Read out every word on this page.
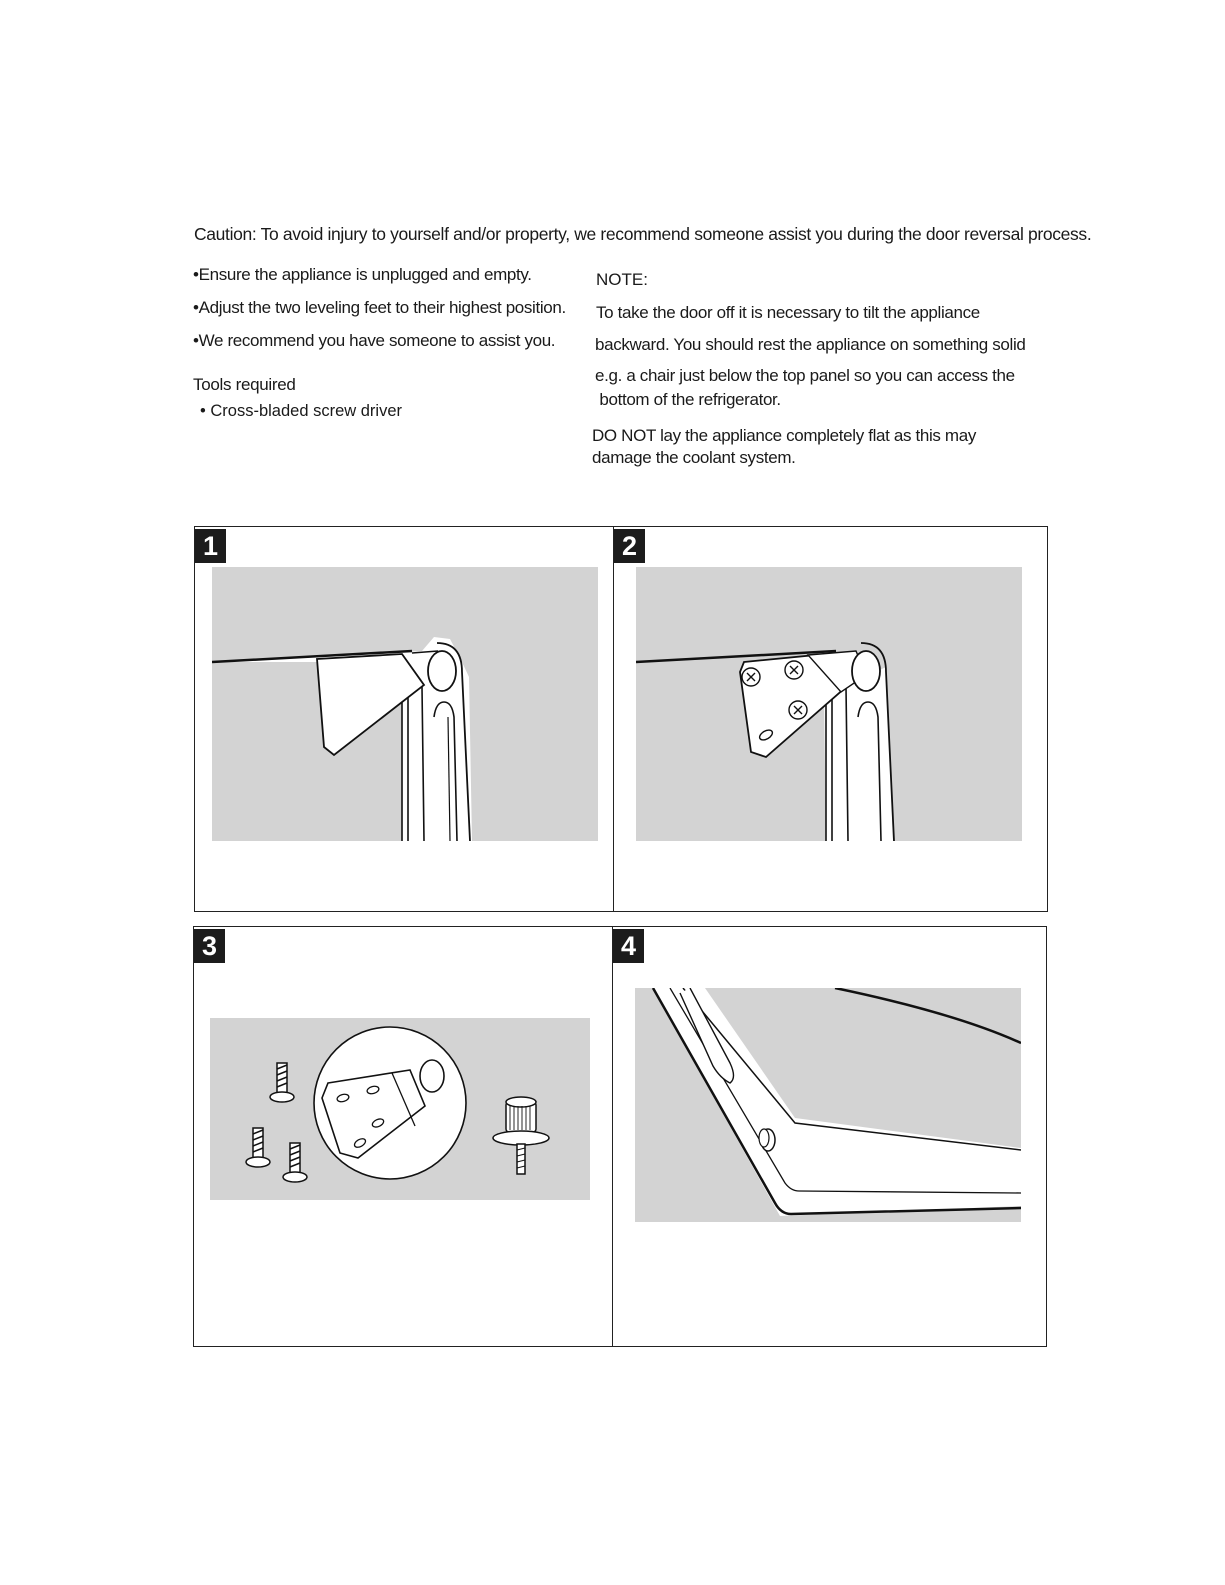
Caution: To avoid injury to yourself and/or property, we recommend someone assist you during the door reversal process.
•Ensure the appliance is unplugged and empty.
•Adjust the two leveling feet to their highest position.
•We recommend you have someone to assist you.
Tools required
• Cross-bladed screw driver
NOTE:
To take the door off it is necessary to tilt the appliance
backward. You should rest the appliance on something solid
e.g. a chair just below the top panel so you can access the
bottom of the refrigerator.
DO NOT lay the appliance completely flat as this may
damage the coolant system.
1	2
3	4
